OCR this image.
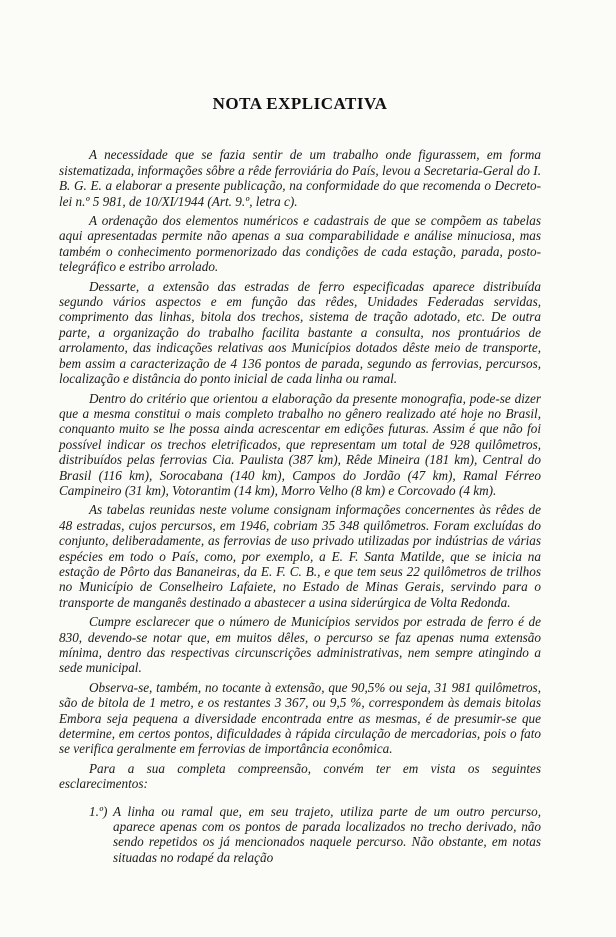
NOTA EXPLICATIVA

A necessidade que se fazia sentir de um trabalho onde figurassem, em forma sistematizada, informações sôbre a rêde ferroviária do País, levou a Secretaria-Geral do I. B. G. E. a elaborar a presente publicação, na conformidade do que recomenda o Decreto-lei n.º 5 981, de 10/XI/1944 (Art. 9.º, letra c).

A ordenação dos elementos numéricos e cadastrais de que se compõem as tabelas aqui apresentadas permite não apenas a sua comparabilidade e análise minuciosa, mas também o conhecimento pormenorizado das condições de cada estação, parada, posto-telegráfico e estribo arrolado.

Dessarte, a extensão das estradas de ferro especificadas aparece distribuída segundo vários aspectos e em função das rêdes, Unidades Federadas servidas, comprimento das linhas, bitola dos trechos, sistema de tração adotado, etc. De outra parte, a organização do trabalho facilita bastante a consulta, nos prontuários de arrolamento, das indicações relativas aos Municípios dotados dêste meio de transporte, bem assim a caracterização de 4 136 pontos de parada, segundo as ferrovias, percursos, localização e distância do ponto inicial de cada linha ou ramal.

Dentro do critério que orientou a elaboração da presente monografia, pode-se dizer que a mesma constitui o mais completo trabalho no gênero realizado até hoje no Brasil, conquanto muito se lhe possa ainda acrescentar em edições futuras. Assim é que não foi possível indicar os trechos eletrificados, que representam um total de 928 quilômetros, distribuídos pelas ferrovias Cia. Paulista (387 km), Rêde Mineira (181 km), Central do Brasil (116 km), Sorocabana (140 km), Campos do Jordão (47 km), Ramal Férreo Campineiro (31 km), Votorantim (14 km), Morro Velho (8 km) e Corcovado (4 km).

As tabelas reunidas neste volume consignam informações concernentes às rêdes de 48 estradas, cujos percursos, em 1946, cobriam 35 348 quilômetros. Foram excluídas do conjunto, deliberadamente, as ferrovias de uso privado utilizadas por indústrias de várias espécies em todo o País, como, por exemplo, a E. F. Santa Matilde, que se inicia na estação de Pôrto das Bananeiras, da E. F. C. B., e que tem seus 22 quilômetros de trilhos no Município de Conselheiro Lafaiete, no Estado de Minas Gerais, servindo para o transporte de manganês destinado a abastecer a usina siderúrgica de Volta Redonda.

Cumpre esclarecer que o número de Municípios servidos por estrada de ferro é de 830, devendo-se notar que, em muitos dêles, o percurso se faz apenas numa extensão mínima, dentro das respectivas circunscrições administrativas, nem sempre atingindo a sede municipal.

Observa-se, também, no tocante à extensão, que 90,5% ou seja, 31 981 quilômetros, são de bitola de 1 metro, e os restantes 3 367, ou 9,5 %, correspondem às demais bitolas Embora seja pequena a diversidade encontrada entre as mesmas, é de presumir-se que determine, em certos pontos, dificuldades à rápida circulação de mercadorias, pois o fato se verifica geralmente em ferrovias de importância econômica.

Para a sua completa compreensão, convém ter em vista os seguintes esclarecimentos:

1.º) A linha ou ramal que, em seu trajeto, utiliza parte de um outro percurso, aparece apenas com os pontos de parada localizados no trecho derivado, não sendo repetidos os já mencionados naquele percurso. Não obstante, em notas situadas no rodapé da relação
